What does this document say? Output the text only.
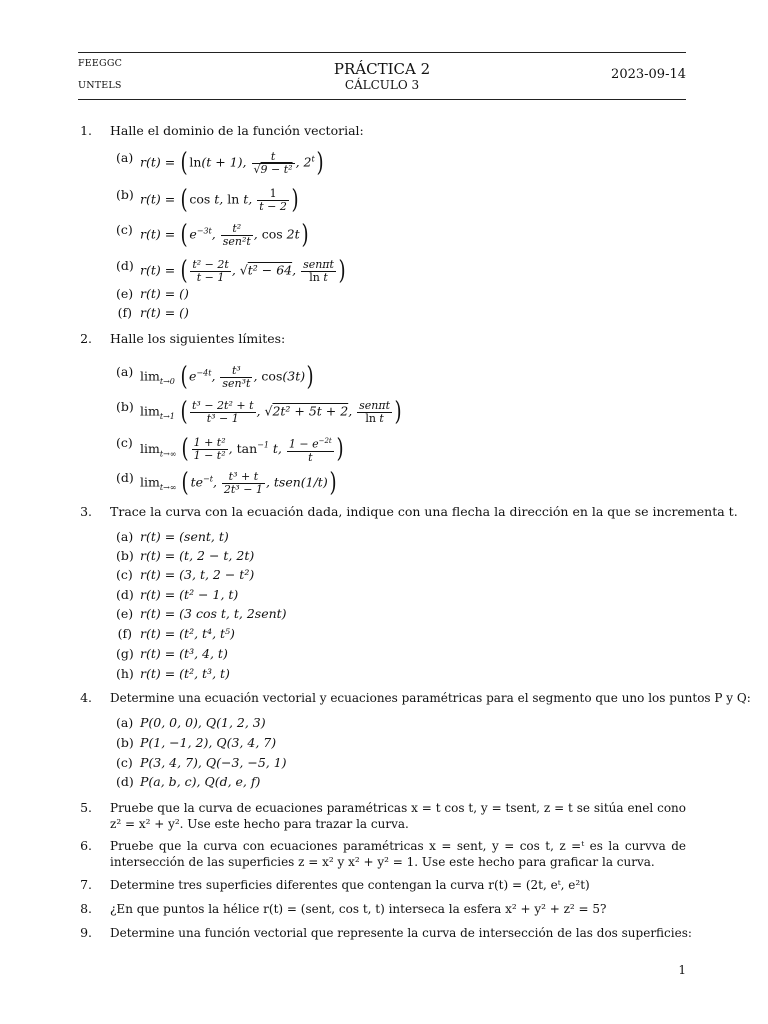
FEEGGC
UNTELS
PRÁCTICA 2
CÁLCULO 3
2023-09-14
1. Halle el dominio de la función vectorial:
(a) r(t) = ( ln(t + 1), $\frac{t}{\text{√9 − t²}}$ , 2$^t$)
(b) r(t) = ( cos t, ln t, $\frac{1}{t - 2}$ )
(c) r(t) = ( $e^{-3t}$, $\frac{\text{t²}}{\text{sen²t}}$ , cos 2t)
(d) r(t) = ( $\frac{\text{t² − 2t}}{t - 1}$ , √t² − 64, $\frac{\text{senπt}}{\text{ln t}}$ )
(e) r(t) = ()
(f) r(t) = ()
2. Halle los siguientes límites:
(a) $\lim_{t\to 0}$ ( $e^{-4t}$, $\frac{\text{t³}}{\text{sen³t}}$ , cos(3t))
(b) $\lim_{t\to 1}$ ( $\frac{\text{t³ − 2t² + t}}{\text{t³ − 1}}$ , √2t² + 5t + 2, $\frac{\text{senπt}}{\text{ln t}}$ )
(c) $\lim_{t\to\infty}$ ( $\frac{\text{1 + t²}}{\text{1 − t²}}$ , $\tan^{-1} t$, $\frac{1 - e^{-2t}}{t}$ )
(d) $\lim_{t\to\infty}$ ( $te^{-t}$, $\frac{\text{t³ + t}}{\text{2t³ − 1}}$ , tsen(1/t))
3. Trace la curva con la ecuación dada, indique con una flecha la dirección en la que se incrementa t.
(a) r(t) = (sent, t)
(b) r(t) = (t, 2 − t, 2t)
(c) r(t) = (3, t, 2 − t²)
(d) r(t) = (t² − 1, t)
(e) r(t) = (3 cos t, t, 2sent)
(f) r(t) = (t², t⁴, t⁵)
(g) r(t) = (t³, 4, t)
(h) r(t) = (t², t³, t)
4. Determine una ecuación vectorial y ecuaciones paramétricas para el segmento que uno los puntos P y Q:
(a) P(0, 0, 0), Q(1, 2, 3)
(b) P(1, −1, 2), Q(3, 4, 7)
(c) P(3, 4, 7), Q(−3, −5, 1)
(d) P(a, b, c), Q(d, e, f)
5. Pruebe que la curva de ecuaciones paramétricas x = t cos t, y = tsent, z = t se sitúa enel cono z² = x² + y². Use este hecho para trazar la curva.
6. Pruebe que la curva con ecuaciones paramétricas x = sent, y = cos t, z =ᵗ es la curvva de intersección de las superficies z = x² y x² + y² = 1. Use este hecho para graficar la curva.
7. Determine tres superficies diferentes que contengan la curva r(t) = (2t, eᵗ, e²t)
8. ¿En que puntos la hélice r(t) = (sent, cos t, t) interseca la esfera x² + y² + z² = 5?
9. Determine una función vectorial que represente la curva de intersección de las dos superficies:
1
